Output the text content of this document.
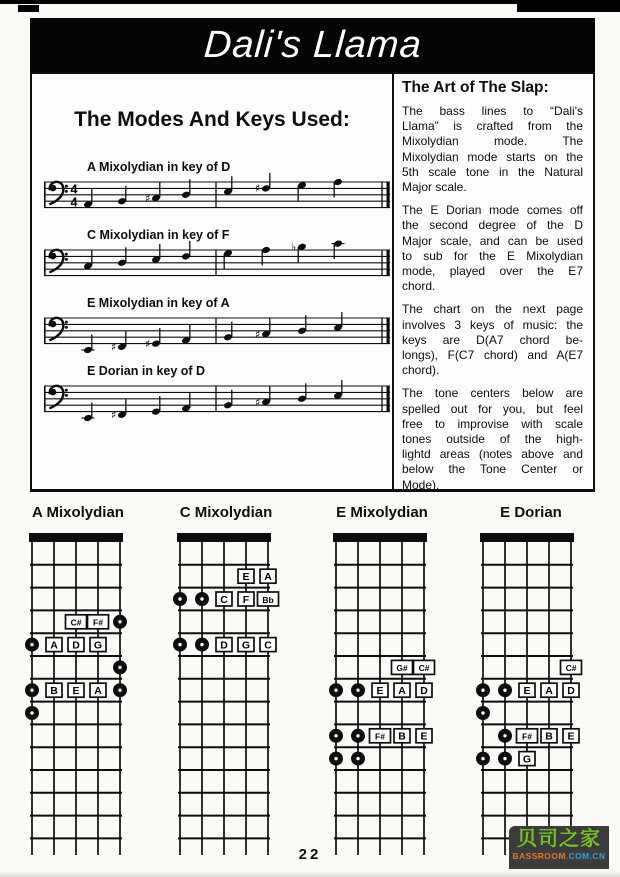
Dali's Llama
The Modes And Keys Used:
A Mixolydian in key of D
4
4	♯
♯
C Mixolydian in key of F
♭
E Mixolydian in key of A
♯	♯
♯
E Dorian in key of D
♯
♯
The Art of The Slap:
The bass lines to “Dali's
Llama” is crafted from the
Mixolydian mode. The
Mixolydian mode starts on the
5th scale tone in the Natural
Major scale.
The E Dorian mode comes off
the second degree of the D
Major scale, and can be used
to sub for the E Mixolydian
mode, played over the E7
chord.
The chart on the next page
involves 3 keys of music: the
keys are D(A7 chord be-
longs), F(C7 chord) and A(E7
chord).
The tone centers below are
spelled out for you, but feel
free to improvise with scale
tones outside of the high-
lightd areas (notes above and
below the Tone Center or
Mode).
A Mixolydian	C Mixolydian	E Mixolydian	E Dorian
C# F#
A D G
B E A
E A
C F Bb
D G C
G# C#
E A D
F# B E
C#
E A D
F# B E
G
22
贝司之家
BASSROOM.COM.CN
